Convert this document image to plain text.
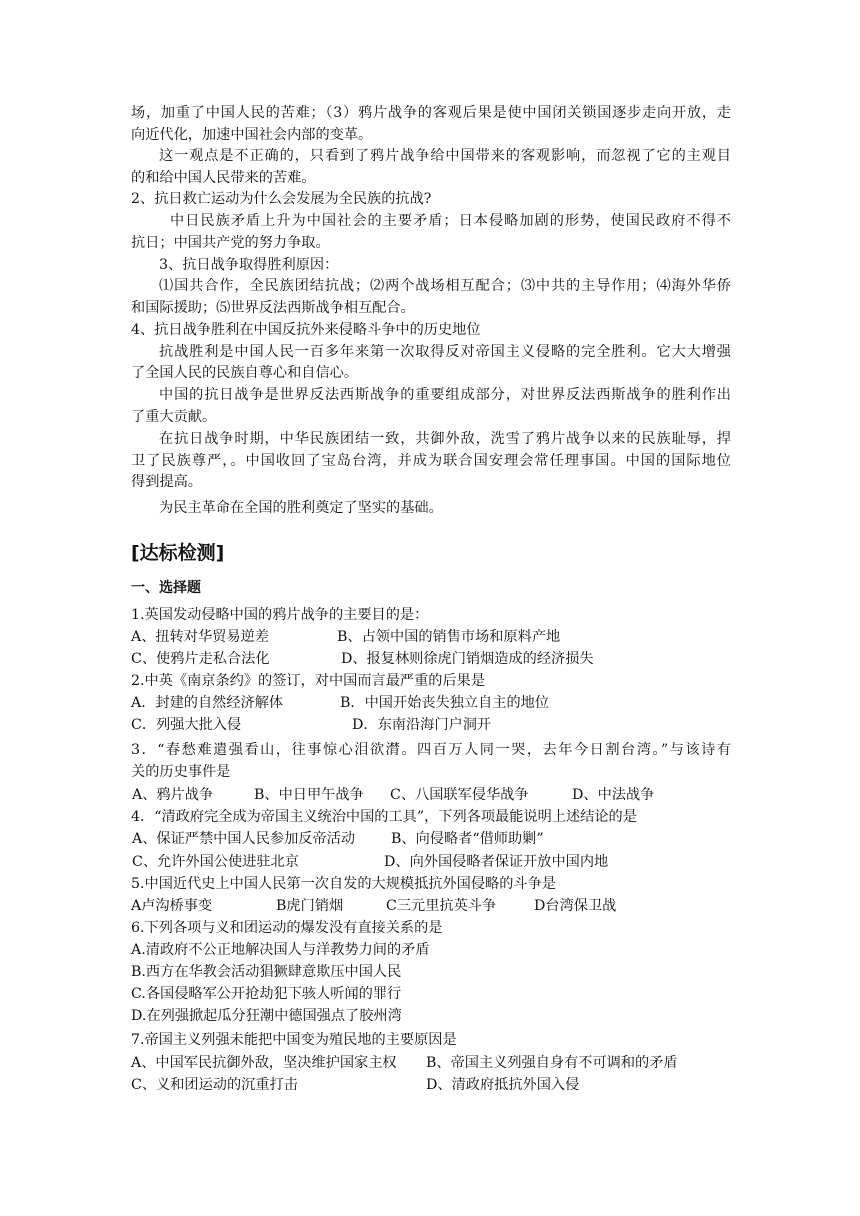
场，加重了中国人民的苦难；（3）鸦片战争的客观后果是使中国闭关锁国逐步走向开放，走
向近代化，加速中国社会内部的变革。
这一观点是不正确的，只看到了鸦片战争给中国带来的客观影响，而忽视了它的主观目
的和给中国人民带来的苦难。
2、抗日救亡运动为什么会发展为全民族的抗战?
中日民族矛盾上升为中国社会的主要矛盾；日本侵略加剧的形势，使国民政府不得不
抗日；中国共产党的努力争取。
3、抗日战争取得胜利原因：
⑴国共合作，全民族团结抗战；⑵两个战场相互配合；⑶中共的主导作用；⑷海外华侨
和国际援助；⑸世界反法西斯战争相互配合。
4、抗日战争胜利在中国反抗外来侵略斗争中的历史地位
抗战胜利是中国人民一百多年来第一次取得反对帝国主义侵略的完全胜利。它大大增强
了全国人民的民族自尊心和自信心。
中国的抗日战争是世界反法西斯战争的重要组成部分，对世界反法西斯战争的胜利作出
了重大贡献。
在抗日战争时期，中华民族团结一致，共御外敌，洗雪了鸦片战争以来的民族耻辱，捍
卫了民族尊严，。中国收回了宝岛台湾，并成为联合国安理会常任理事国。中国的国际地位
得到提高。
为民主革命在全国的胜利奠定了坚实的基础。
[达标检测]
一、选择题
1.英国发动侵略中国的鸦片战争的主要目的是：
A、扭转对华贸易逆差	B、占领中国的销售市场和原料产地
C、使鸦片走私合法化	D、报复林则徐虎门销烟造成的经济损失
2.中英《南京条约》的签订，对中国而言最严重的后果是
A．封建的自然经济解体	B．中国开始丧失独立自主的地位
C．列强大批入侵	D．东南沿海门户洞开
3．“春愁难遣强看山，往事惊心泪欲潸。四百万人同一哭，去年今日割台湾。”与该诗有
关的历史事件是
A、鸦片战争	B、中日甲午战争 C、八国联军侵华战争	D、中法战争
4．“清政府完全成为帝国主义统治中国的工具”，下列各项最能说明上述结论的是
A、保证严禁中国人民参加反帝活动	B、向侵略者“借师助剿”
C、允许外国公使进驻北京	D、向外国侵略者保证开放中国内地
5.中国近代史上中国人民第一次自发的大规模抵抗外国侵略的斗争是
A卢沟桥事变	B虎门销烟	C三元里抗英斗争	D台湾保卫战
6.下列各项与义和团运动的爆发没有直接关系的是
A.清政府不公正地解决国人与洋教势力间的矛盾
B.西方在华教会活动猖獗肆意欺压中国人民
C.各国侵略军公开抢劫犯下骇人听闻的罪行
D.在列强掀起瓜分狂潮中德国强点了胶州湾
7.帝国主义列强未能把中国变为殖民地的主要原因是
A、中国军民抗御外敌，坚决维护国家主权 B、帝国主义列强自身有不可调和的矛盾
C、义和团运动的沉重打击	D、清政府抵抗外国入侵
